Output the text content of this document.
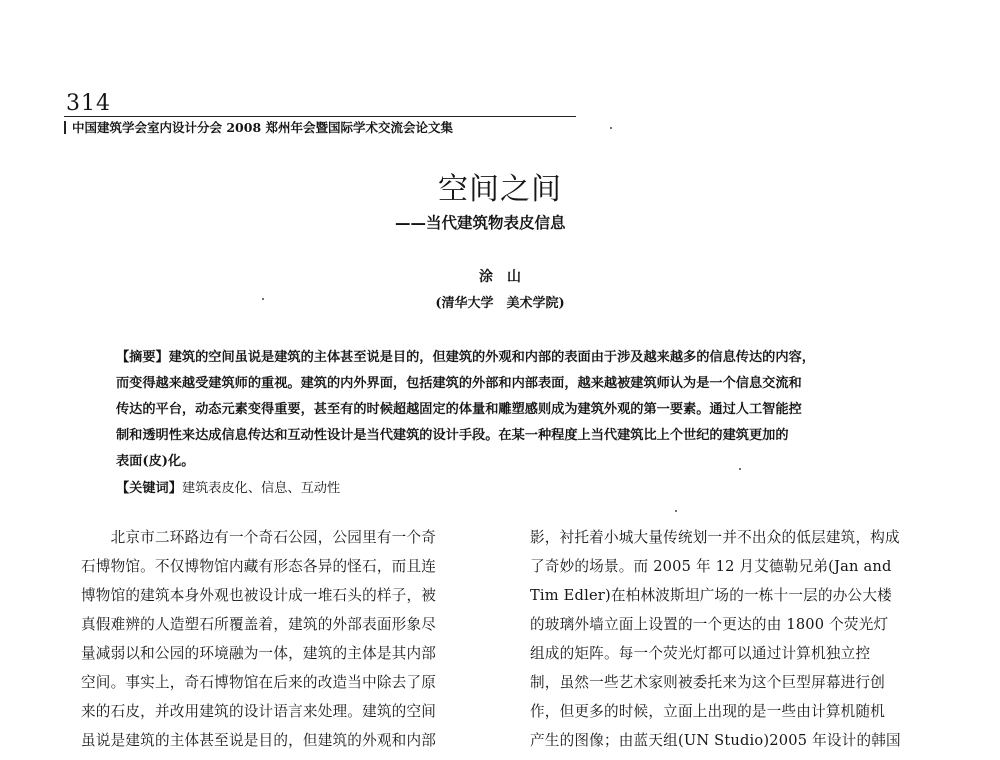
314
中国建筑学会室内设计分会 2008 郑州年会暨国际学术交流会论文集
空间之间
——当代建筑物表皮信息
涂　山
(清华大学　美术学院)
【摘要】建筑的空间虽说是建筑的主体甚至说是目的，但建筑的外观和内部的表面由于涉及越来越多的信息传达的内容，
而变得越来越受建筑师的重视。建筑的内外界面，包括建筑的外部和内部表面，越来越被建筑师认为是一个信息交流和
传达的平台，动态元素变得重要，甚至有的时候超越固定的体量和雕塑感则成为建筑外观的第一要素。通过人工智能控
制和透明性来达成信息传达和互动性设计是当代建筑的设计手段。在某一种程度上当代建筑比上个世纪的建筑更加的
表面(皮)化。
【关键词】建筑表皮化、信息、互动性
　　北京市二环路边有一个奇石公园，公园里有一个奇
石博物馆。不仅博物馆内藏有形态各异的怪石，而且连
博物馆的建筑本身外观也被设计成一堆石头的样子，被
真假难辨的人造塑石所覆盖着，建筑的外部表面形象尽
量减弱以和公园的环境融为一体，建筑的主体是其内部
空间。事实上，奇石博物馆在后来的改造当中除去了原
来的石皮，并改用建筑的设计语言来处理。建筑的空间
虽说是建筑的主体甚至说是目的，但建筑的外观和内部
影，衬托着小城大量传统划一并不出众的低层建筑，构成
了奇妙的场景。而 2005 年 12 月艾德勒兄弟(Jan and
Tim Edler)在柏林波斯坦广场的一栋十一层的办公大楼
的玻璃外墙立面上设置的一个更达的由 1800 个荧光灯
组成的矩阵。每一个荧光灯都可以通过计算机独立控
制，虽然一些艺术家则被委托来为这个巨型屏幕进行创
作，但更多的时候，立面上出现的是一些由计算机随机
产生的图像；由蓝天组(UN Studio)2005 年设计的韩国
